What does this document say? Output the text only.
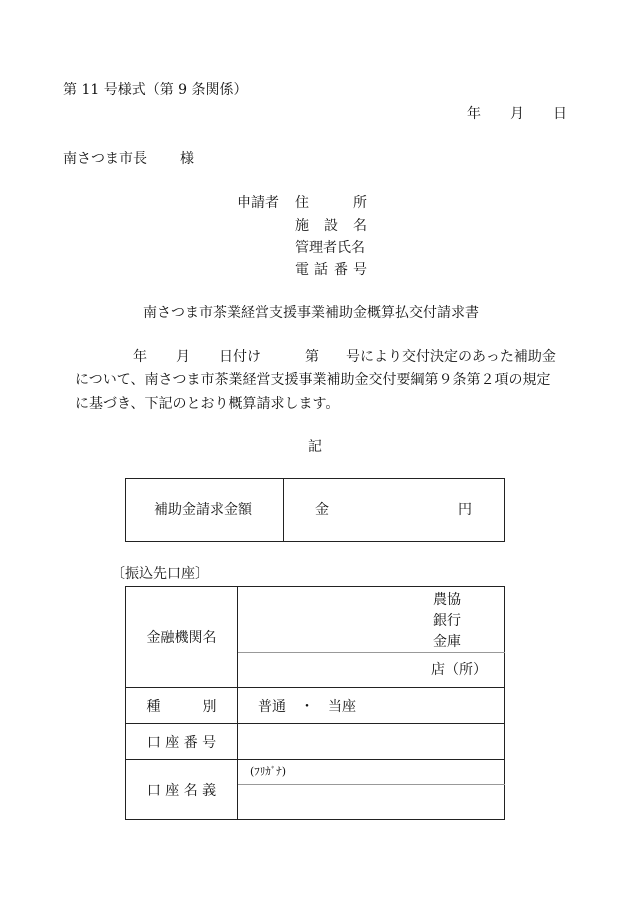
第 11 号様式（第 9 条関係）
年 月 日
南さつま市長 様
申請者 住	所
施 設 名
管理者氏名
電 話 番 号
南さつま市茶業経営支援事業補助金概算払交付請求書
年 月 日付け	第 号により交付決定のあった補助金
について、南さつま市茶業経営支援事業補助金交付要綱第９条第２項の規定
に基づき、下記のとおり概算請求します。
記
補助金請求金額	金	円
〔振込先口座〕
金融機関名	農協
銀行
金庫

	店（所）

種 別	普通　・　当座
口 座 番 号	
口 座 名 義	(ﾌﾘｶﾞﾅ)
